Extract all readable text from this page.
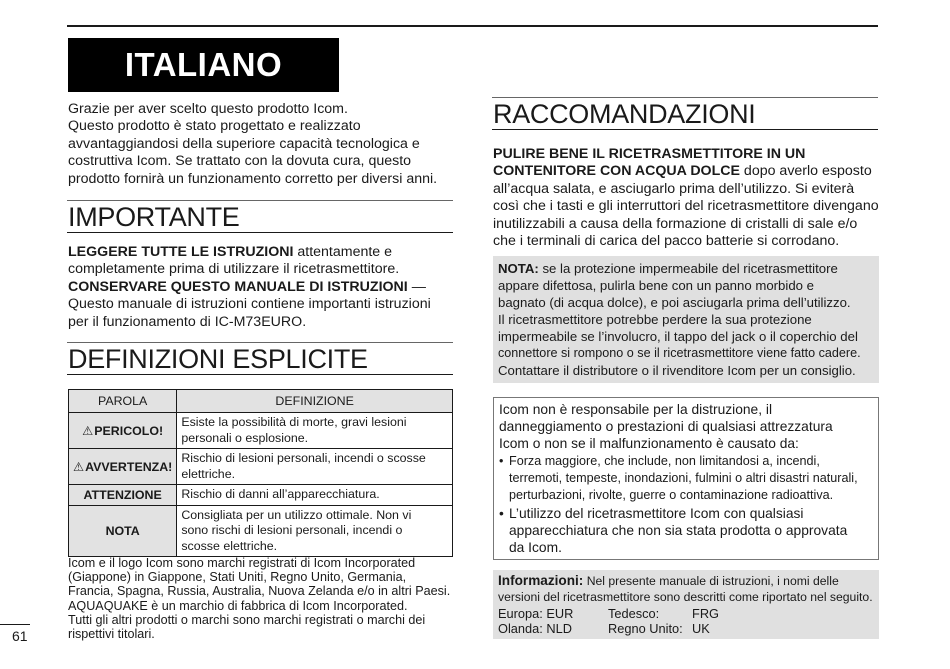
ITALIANO
Grazie per aver scelto questo prodotto Icom.
Questo prodotto è stato progettato e realizzato
avvantaggiandosi della superiore capacità tecnologica e
costruttiva Icom. Se trattato con la dovuta cura, questo
prodotto fornirà un funzionamento corretto per diversi anni.
IMPORTANTE
LEGGERE TUTTE LE ISTRUZIONI attentamente e
completamente prima di utilizzare il ricetrasmettitore.
CONSERVARE QUESTO MANUALE DI ISTRUZIONI —
Questo manuale di istruzioni contiene importanti istruzioni
per il funzionamento di IC-M73EURO.
DEFINIZIONI ESPLICITE
PAROLA	DEFINIZIONE
⚠PERICOLO!	Esiste la possibilità di morte, gravi lesioni
personali o esplosione.

⚠AVVERTENZA!	Rischio di lesioni personali, incendi o scosse
elettriche.

ATTENZIONE	Rischio di danni all’apparecchiatura.

NOTA	Consigliata per un utilizzo ottimale. Non vi
sono rischi di lesioni personali, incendi o
scosse elettriche.
Icom e il logo Icom sono marchi registrati di Icom Incorporated
(Giappone) in Giappone, Stati Uniti, Regno Unito, Germania,
Francia, Spagna, Russia, Australia, Nuova Zelanda e/o in altri Paesi.
AQUAQUAKE è un marchio di fabbrica di Icom Incorporated.
Tutti gli altri prodotti o marchi sono marchi registrati o marchi dei
rispettivi titolari.
61
RACCOMANDAZIONI
PULIRE BENE IL RICETRASMETTITORE IN UN
CONTENITORE CON ACQUA DOLCE dopo averlo esposto
all’acqua salata, e asciugarlo prima dell’utilizzo. Si eviterà
così che i tasti e gli interruttori del ricetrasmettitore divengano
inutilizzabili a causa della formazione di cristalli di sale e/o
che i terminali di carica del pacco batterie si corrodano.
NOTA: se la protezione impermeabile del ricetrasmettitore
appare difettosa, pulirla bene con un panno morbido e
bagnato (di acqua dolce), e poi asciugarla prima dell’utilizzo.
Il ricetrasmettitore potrebbe perdere la sua protezione
impermeabile se l’involucro, il tappo del jack o il coperchio del
connettore si rompono o se il ricetrasmettitore viene fatto cadere.
Contattare il distributore o il rivenditore Icom per un consiglio.
Icom non è responsabile per la distruzione, il
danneggiamento o prestazioni di qualsiasi attrezzatura
Icom o non se il malfunzionamento è causato da:
• Forza maggiore, che include, non limitandosi a, incendi,
terremoti, tempeste, inondazioni, fulmini o altri disastri naturali,
perturbazioni, rivolte, guerre o contaminazione radioattiva.
• L’utilizzo del ricetrasmettitore Icom con qualsiasi
apparecchiatura che non sia stata prodotta o approvata
da Icom.
Informazioni: Nel presente manuale di istruzioni, i nomi delle
versioni del ricetrasmettitore sono descritti come riportato nel seguito.
Europa: EUR	Tedesco:	FRG
Olanda: NLD	Regno Unito: UK
